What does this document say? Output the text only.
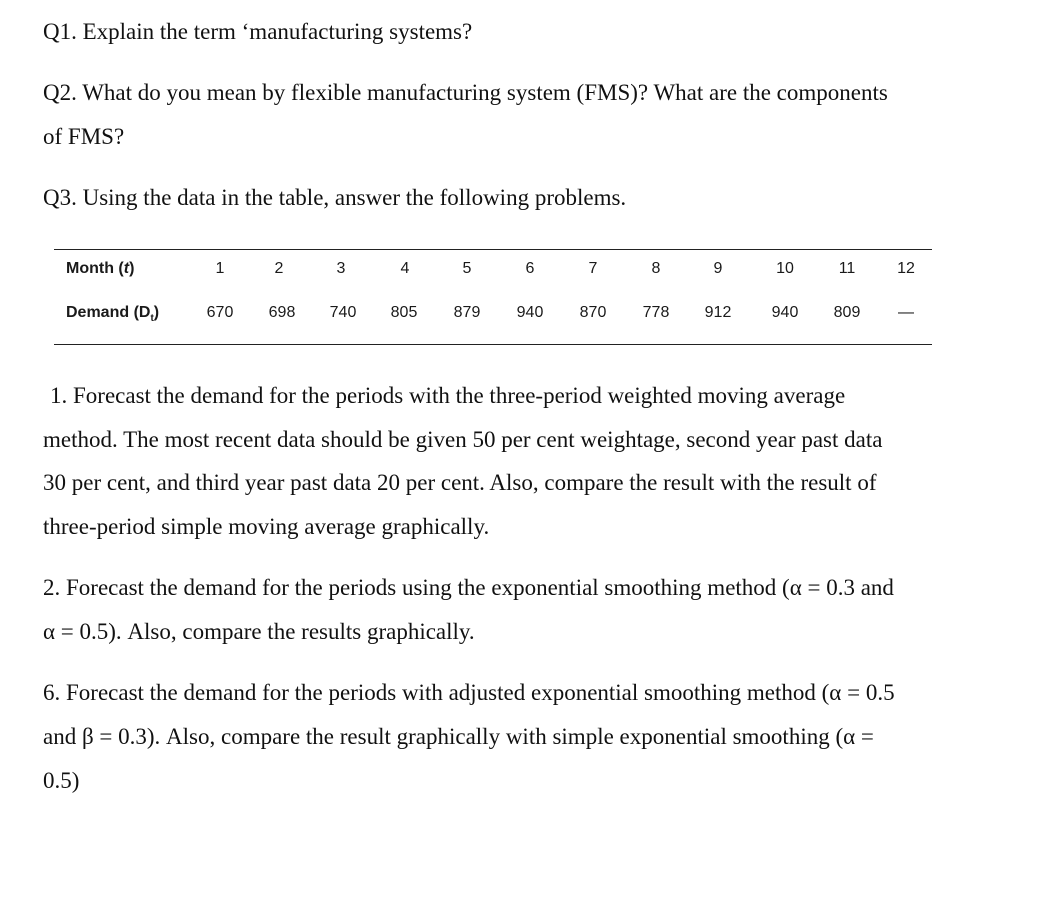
Q1. Explain the term ‘manufacturing systems?

Q2. What do you mean by flexible manufacturing system (FMS)? What are the components

of FMS?

Q3. Using the data in the table, answer the following problems.

Month (t)	1	2	3	4	5	6	7	8	9	10	11	12
Demand $(D_t)$	670	698	740	805	879	940	870	778	912	940	809	—

1. Forecast the demand for the periods with the three-period weighted moving average

method. The most recent data should be given 50 per cent weightage, second year past data

30 per cent, and third year past data 20 per cent. Also, compare the result with the result of

three-period simple moving average graphically.

2. Forecast the demand for the periods using the exponential smoothing method (α = 0.3 and

α = 0.5). Also, compare the results graphically.

6. Forecast the demand for the periods with adjusted exponential smoothing method (α = 0.5

and β = 0.3). Also, compare the result graphically with simple exponential smoothing (α =

0.5)
